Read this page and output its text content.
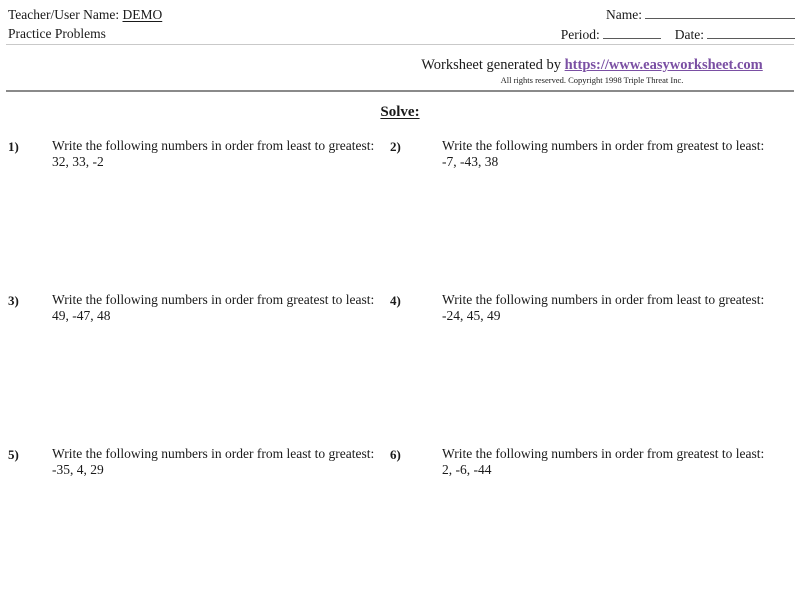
Teacher/User Name: DEMO
Practice Problems
Name:
Period:	Date:
Worksheet generated by https://www.easyworksheet.com
All rights reserved. Copyright 1998 Triple Threat Inc.
Solve:
1)	Write the following numbers in order from least to greatest:
32, 33, -2
2)	Write the following numbers in order from greatest to least:
-7, -43, 38
3)	Write the following numbers in order from greatest to least:
49, -47, 48
4)	Write the following numbers in order from least to greatest:
-24, 45, 49
5)	Write the following numbers in order from least to greatest:
-35, 4, 29
6)	Write the following numbers in order from greatest to least:
2, -6, -44
